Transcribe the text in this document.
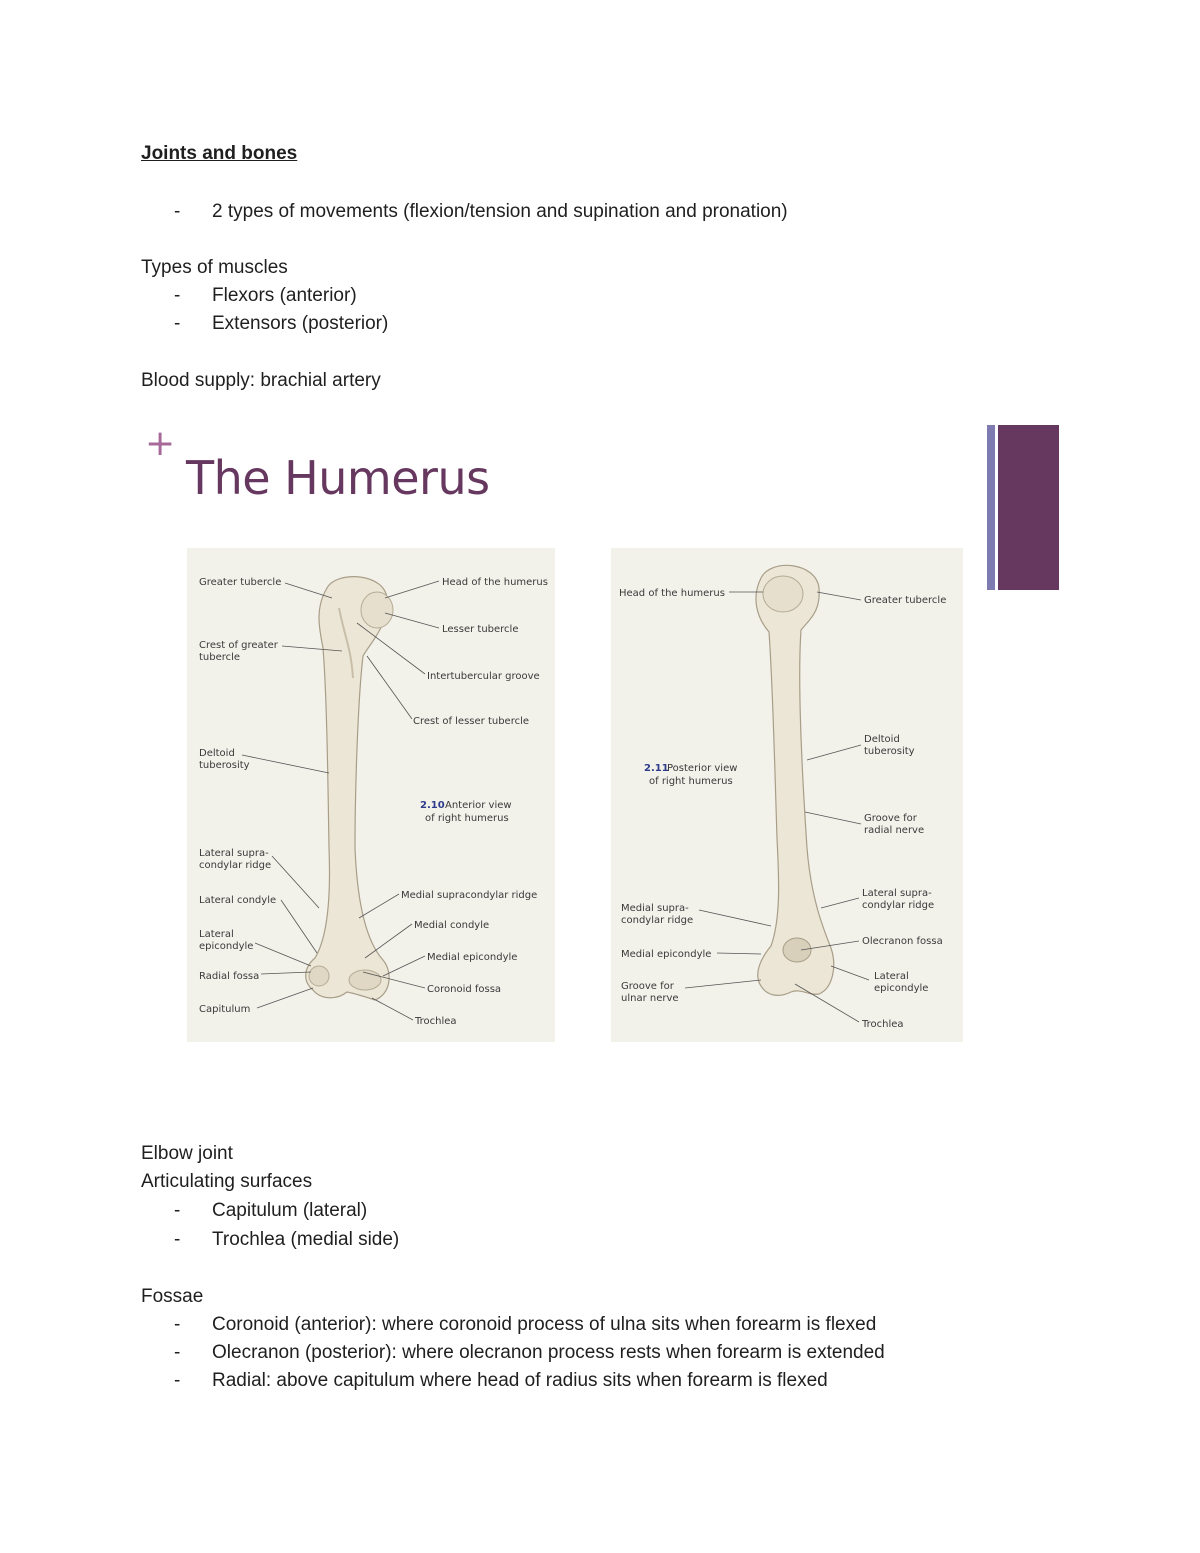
Joints and bones
- 2 types of movements (flexion/tension and supination and pronation)
Types of muscles
- Flexors (anterior)
- Extensors (posterior)
Blood supply: brachial artery
+
The Humerus
Greater tubercle
Crest of greater
tubercle
Deltoid
tuberosity
Lateral supra-
condylar ridge
Lateral condyle
Lateral
epicondyle
Radial fossa
Capitulum
Head of the humerus
Lesser tubercle
Intertubercular groove
Crest of lesser tubercle
Medial supracondylar ridge
Medial condyle
Medial epicondyle
Coronoid fossa
Trochlea
2.10 Anterior view
of right humerus
Head of the humerus
Greater tubercle
Deltoid
tuberosity
Groove for
radial nerve
Lateral supra-
condylar ridge
Olecranon fossa
Lateral
epicondyle
Trochlea
Medial supra-
condylar ridge
Medial epicondyle
Groove for
ulnar nerve
2.11
Posterior view
of right humerus
Elbow joint
Articulating surfaces
- Capitulum (lateral)
- Trochlea (medial side)
Fossae
- Coronoid (anterior): where coronoid process of ulna sits when forearm is flexed
- Olecranon (posterior): where olecranon process rests when forearm is extended
- Radial: above capitulum where head of radius sits when forearm is flexed
